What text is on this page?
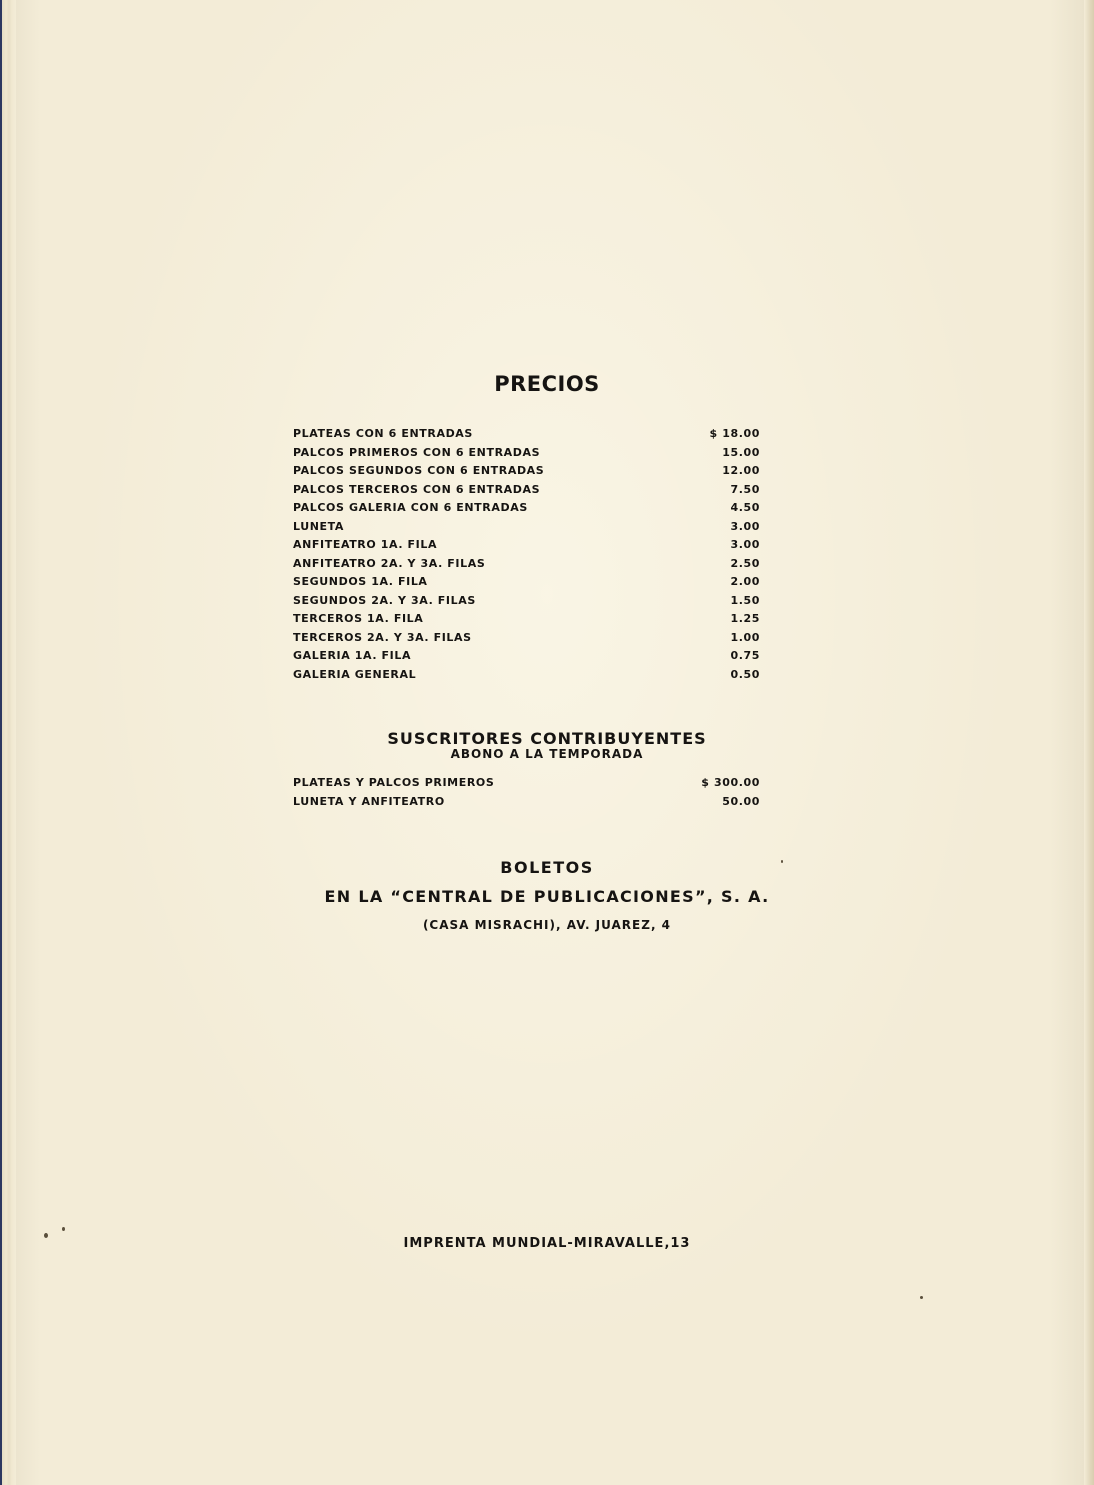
PRECIOS
PLATEAS CON 6 ENTRADAS	$ 18.00
PALCOS PRIMEROS CON 6 ENTRADAS	15.00
PALCOS SEGUNDOS CON 6 ENTRADAS	12.00
PALCOS TERCEROS CON 6 ENTRADAS	7.50
PALCOS GALERIA CON 6 ENTRADAS	4.50
LUNETA	3.00
ANFITEATRO 1A. FILA	3.00
ANFITEATRO 2A. Y 3A. FILAS	2.50
SEGUNDOS 1A. FILA	2.00
SEGUNDOS 2A. Y 3A. FILAS	1.50
TERCEROS 1A. FILA	1.25
TERCEROS 2A. Y 3A. FILAS	1.00
GALERIA 1A. FILA	0.75
GALERIA GENERAL	0.50
SUSCRITORES CONTRIBUYENTES
ABONO A LA TEMPORADA
PLATEAS Y PALCOS PRIMEROS	$ 300.00
LUNETA Y ANFITEATRO	50.00
BOLETOS
EN LA “CENTRAL DE PUBLICACIONES”, S. A.
(CASA MISRACHI), AV. JUAREZ, 4
IMPRENTA MUNDIAL-MIRAVALLE,13
